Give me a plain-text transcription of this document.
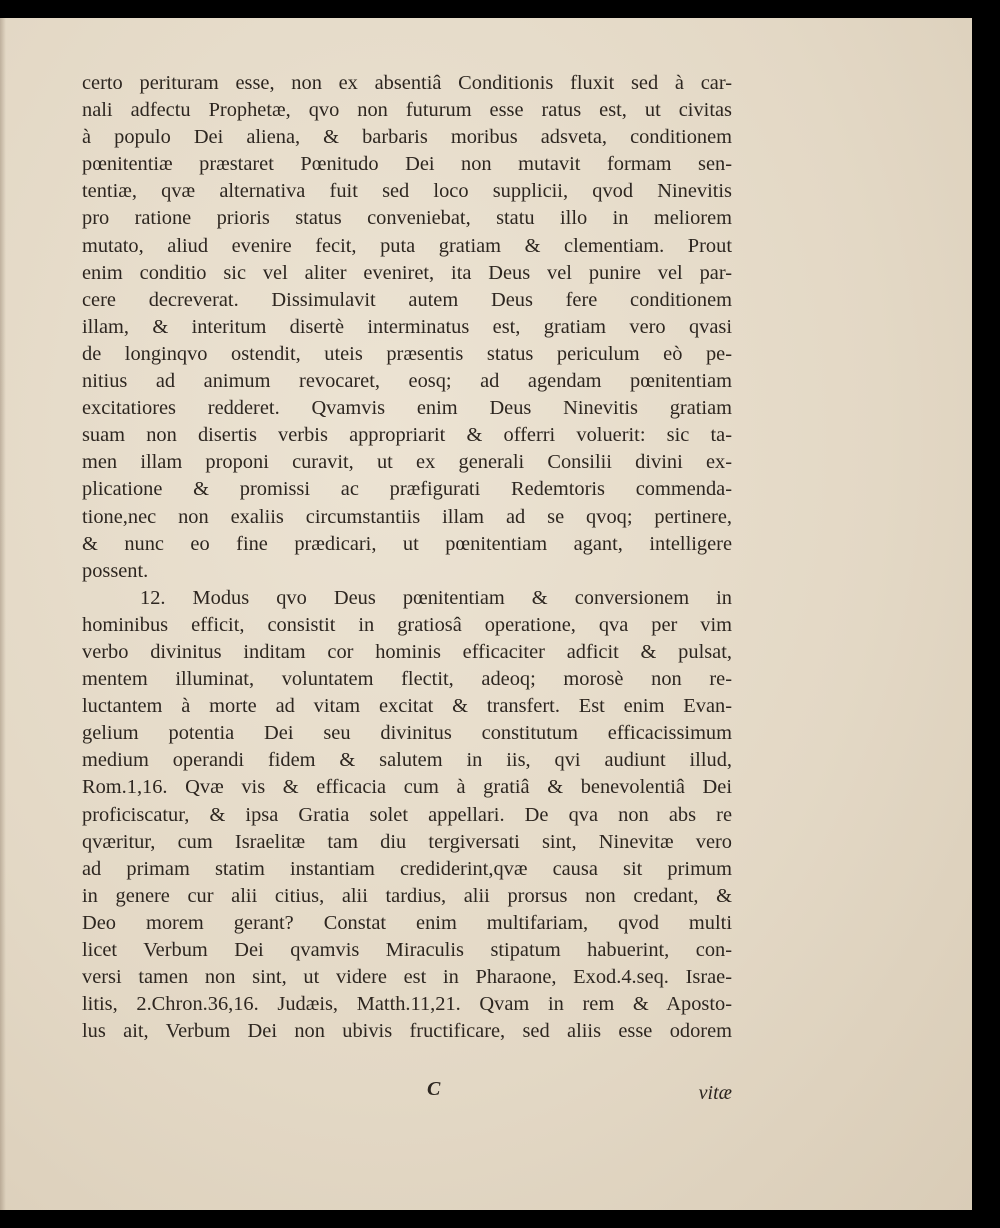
certo perituram esse, non ex absentiâ Conditionis fluxit sed à car-
nali adfectu Prophetæ, qvo non futurum esse ratus est, ut civitas
à populo Dei aliena, & barbaris moribus adsveta, conditionem
pœnitentiæ præstaret Pœnitudo Dei non mutavit formam sen-
tentiæ, qvæ alternativa fuit sed loco supplicii, qvod Ninevitis
pro ratione prioris status conveniebat, statu illo in meliorem
mutato, aliud evenire fecit, puta gratiam & clementiam. Prout
enim conditio sic vel aliter eveniret, ita Deus vel punire vel par-
cere decreverat. Dissimulavit autem Deus fere conditionem
illam, & interitum disertè interminatus est, gratiam vero qvasi
de longinqvo ostendit, uteis præsentis status periculum eò pe-
nitius ad animum revocaret, eosq; ad agendam pœnitentiam
excitatiores redderet. Qvamvis enim Deus Ninevitis gratiam
suam non disertis verbis appropriarit & offerri voluerit: sic ta-
men illam proponi curavit, ut ex generali Consilii divini ex-
plicatione & promissi ac præfigurati Redemtoris commenda-
tione,nec non exaliis circumstantiis illam ad se qvoq; pertinere,
& nunc eo fine prædicari, ut pœnitentiam agant, intelligere
possent.
12. Modus qvo Deus pœnitentiam & conversionem in
hominibus efficit, consistit in gratiosâ operatione, qva per vim
verbo divinitus inditam cor hominis efficaciter adficit & pulsat,
mentem illuminat, voluntatem flectit, adeoq; morosè non re-
luctantem à morte ad vitam excitat & transfert. Est enim Evan-
gelium potentia Dei seu divinitus constitutum efficacissimum
medium operandi fidem & salutem in iis, qvi audiunt illud,
Rom.1,16. Qvæ vis & efficacia cum à gratiâ & benevolentiâ Dei
proficiscatur, & ipsa Gratia solet appellari. De qva non abs re
qværitur, cum Israelitæ tam diu tergiversati sint, Ninevitæ vero
ad primam statim instantiam crediderint,qvæ causa sit primum
in genere cur alii citius, alii tardius, alii prorsus non credant, &
Deo morem gerant? Constat enim multifariam, qvod multi
licet Verbum Dei qvamvis Miraculis stipatum habuerint, con-
versi tamen non sint, ut videre est in Pharaone, Exod.4.seq. Israe-
litis, 2.Chron.36,16. Judæis, Matth.11,21. Qvam in rem & Aposto-
lus ait, Verbum Dei non ubivis fructificare, sed aliis esse odorem
C	vitæ
